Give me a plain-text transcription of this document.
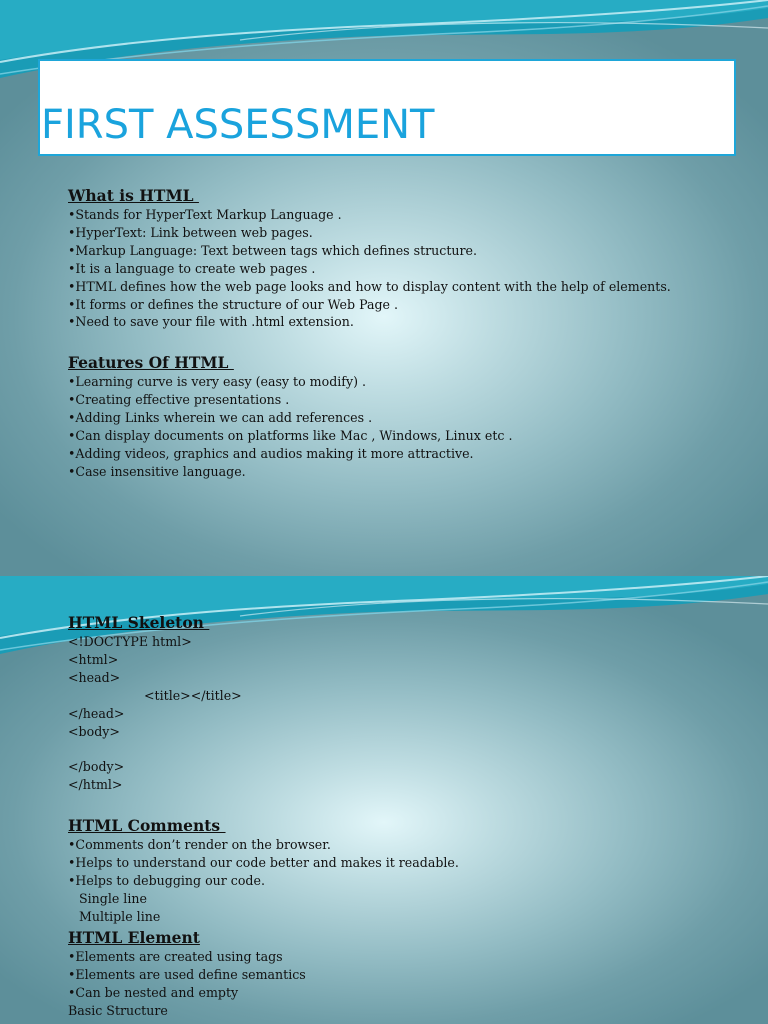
FIRST ASSESSMENT
What is HTML
•Stands for HyperText Markup Language .
•HyperText: Link between web pages.
•Markup Language: Text between tags which defines structure.
•It is a language to create web pages .
•HTML defines how the web page looks and how to display content with the help of elements.
•It forms or defines the structure of our Web Page .
•Need to save your file with .html extension.
Features Of HTML
•Learning curve is very easy (easy to modify) .
•Creating effective presentations .
•Adding Links wherein we can add references .
•Can display documents on platforms like Mac , Windows, Linux etc .
•Adding videos, graphics and audios making it more attractive.
•Case insensitive language.
HTML Skeleton
<!DOCTYPE html>
<html>
<head>
<title></title>
</head>
<body>

</body>
</html>
HTML Comments
•Comments don’t render on the browser.
•Helps to understand our code better and makes it readable.
•Helps to debugging our code.
Single line
Multiple line
HTML Element
•Elements are created using tags
•Elements are used define semantics
•Can be nested and empty
Basic Structure
